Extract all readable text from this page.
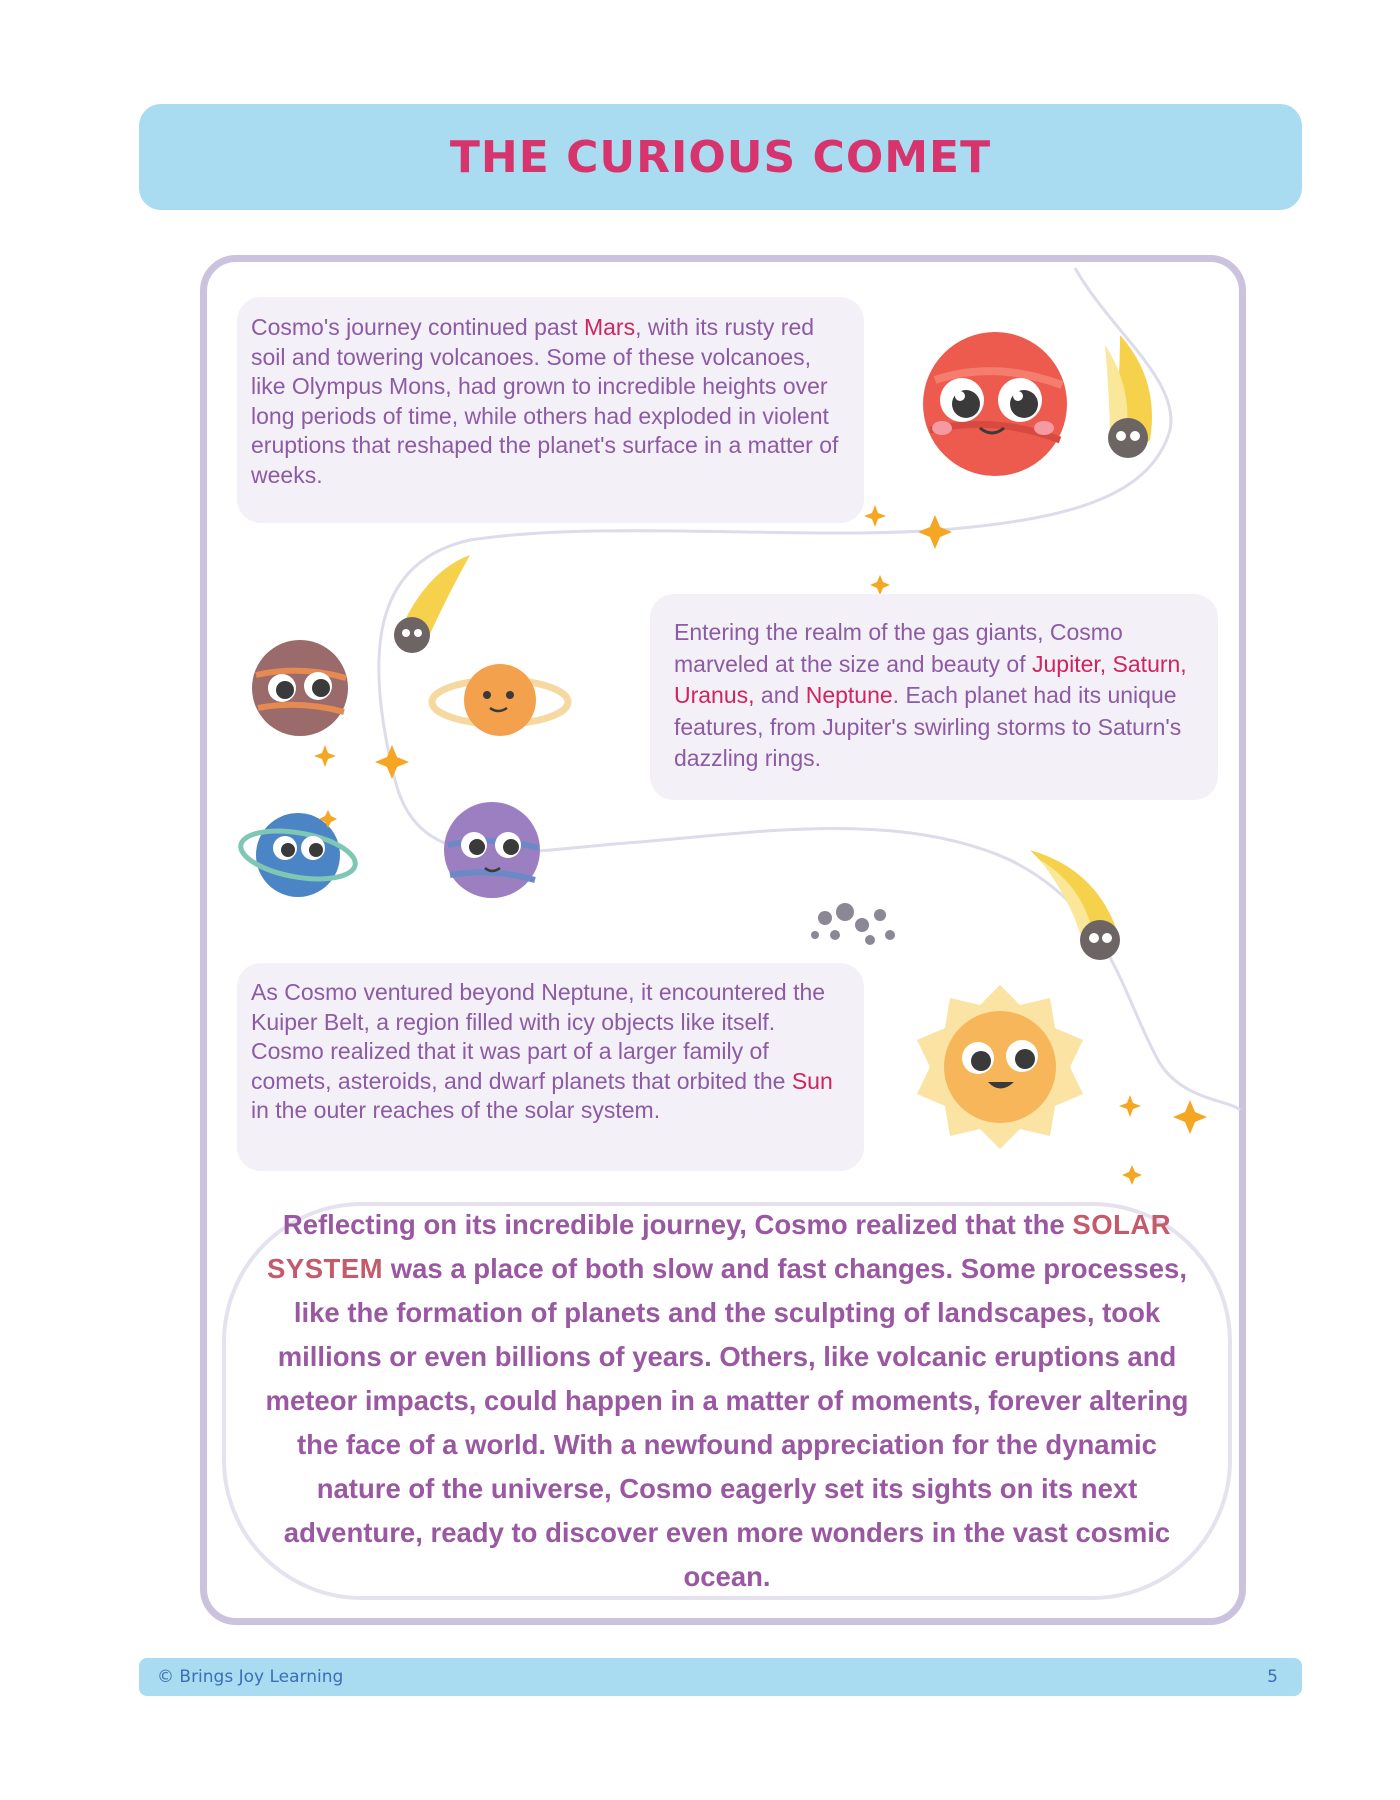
THE CURIOUS COMET
Cosmo's journey continued past Mars, with its rusty red soil and towering volcanoes. Some of these volcanoes, like Olympus Mons, had grown to incredible heights over long periods of time, while others had exploded in violent eruptions that reshaped the planet's surface in a matter of weeks.
Entering the realm of the gas giants, Cosmo marveled at the size and beauty of Jupiter, Saturn, Uranus, and Neptune. Each planet had its unique features, from Jupiter's swirling storms to Saturn's dazzling rings.
As Cosmo ventured beyond Neptune, it encountered the Kuiper Belt, a region filled with icy objects like itself. Cosmo realized that it was part of a larger family of comets, asteroids, and dwarf planets that orbited the Sun in the outer reaches of the solar system.

Reflecting on its incredible journey, Cosmo realized that the SOLAR SYSTEM was a place of both slow and fast changes. Some processes, like the formation of planets and the sculpting of landscapes, took millions or even billions of years. Others, like volcanic eruptions and meteor impacts, could happen in a matter of moments, forever altering the face of a world. With a newfound appreciation for the dynamic nature of the universe, Cosmo eagerly set its sights on its next adventure, ready to discover even more wonders in the vast cosmic ocean.

© Brings Joy Learning	5
